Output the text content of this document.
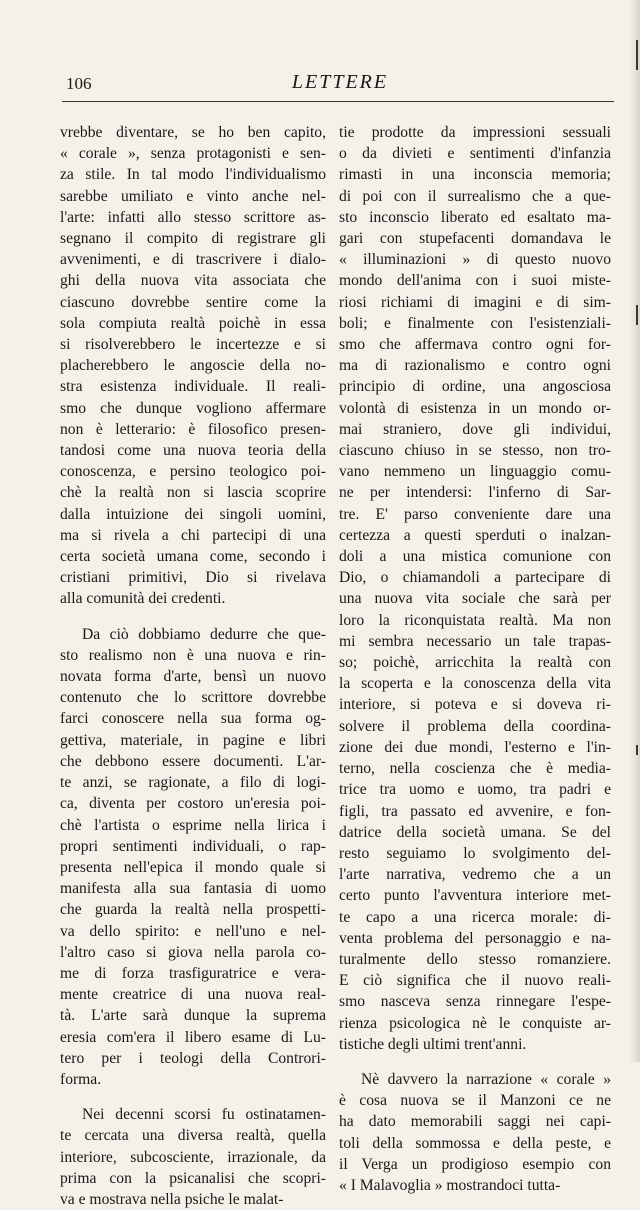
106	LETTERE
vrebbe diventare, se ho ben capito,
« corale », senza protagonisti e sen-
za stile. In tal modo l'individualismo
sarebbe umiliato e vinto anche nel-
l'arte: infatti allo stesso scrittore as-
segnano il compito di registrare gli
avvenimenti, e di trascrivere i dialo-
ghi della nuova vita associata che
ciascuno dovrebbe sentire come la
sola compiuta realtà poichè in essa
si risolverebbero le incertezze e si
placherebbero le angoscie della no-
stra esistenza individuale. Il reali-
smo che dunque vogliono affermare
non è letterario: è filosofico presen-
tandosi come una nuova teoria della
conoscenza, e persino teologico poi-
chè la realtà non si lascia scoprire
dalla intuizione dei singoli uomini,
ma si rivela a chi partecipi di una
certa società umana come, secondo i
cristiani primitivi, Dio si rivelava
alla comunità dei credenti.
Da ciò dobbiamo dedurre che que-
sto realismo non è una nuova e rin-
novata forma d'arte, bensì un nuovo
contenuto che lo scrittore dovrebbe
farci conoscere nella sua forma og-
gettiva, materiale, in pagine e libri
che debbono essere documenti. L'ar-
te anzi, se ragionate, a filo di logi-
ca, diventa per costoro un'eresia poi-
chè l'artista o esprime nella lirica i
propri sentimenti individuali, o rap-
presenta nell'epica il mondo quale si
manifesta alla sua fantasia di uomo
che guarda la realtà nella prospetti-
va dello spirito: e nell'uno e nel-
l'altro caso si giova nella parola co-
me di forza trasfiguratrice e vera-
mente creatrice di una nuova real-
tà. L'arte sarà dunque la suprema
eresia com'era il libero esame di Lu-
tero per i teologi della Controri-
forma.
Nei decenni scorsi fu ostinatamen-
te cercata una diversa realtà, quella
interiore, subcosciente, irrazionale, da
prima con la psicanalisi che scopri-
va e mostrava nella psiche le malat-
tie prodotte da impressioni sessuali
o da divieti e sentimenti d'infanzia
rimasti in una inconscia memoria;
di poi con il surrealismo che a que-
sto inconscio liberato ed esaltato ma-
gari con stupefacenti domandava le
« illuminazioni » di questo nuovo
mondo dell'anima con i suoi miste-
riosi richiami di imagini e di sim-
boli; e finalmente con l'esistenziali-
smo che affermava contro ogni for-
ma di razionalismo e contro ogni
principio di ordine, una angosciosa
volontà di esistenza in un mondo or-
mai straniero, dove gli individui,
ciascuno chiuso in se stesso, non tro-
vano nemmeno un linguaggio comu-
ne per intendersi: l'inferno di Sar-
tre. E' parso conveniente dare una
certezza a questi sperduti o inalzan-
doli a una mistica comunione con
Dio, o chiamandoli a partecipare di
una nuova vita sociale che sarà per
loro la riconquistata realtà. Ma non
mi sembra necessario un tale trapas-
so; poichè, arricchita la realtà con
la scoperta e la conoscenza della vita
interiore, si poteva e si doveva ri-
solvere il problema della coordina-
zione dei due mondi, l'esterno e l'in-
terno, nella coscienza che è media-
trice tra uomo e uomo, tra padri e
figli, tra passato ed avvenire, e fon-
datrice della società umana. Se del
resto seguiamo lo svolgimento del-
l'arte narrativa, vedremo che a un
certo punto l'avventura interiore met-
te capo a una ricerca morale: di-
venta problema del personaggio e na-
turalmente dello stesso romanziere.
E ciò significa che il nuovo reali-
smo nasceva senza rinnegare l'espe-
rienza psicologica nè le conquiste ar-
tistiche degli ultimi trent'anni.
Nè davvero la narrazione « corale »
è cosa nuova se il Manzoni ce ne
ha dato memorabili saggi nei capi-
toli della sommossa e della peste, e
il Verga un prodigioso esempio con
« I Malavoglia » mostrandoci tutta-
